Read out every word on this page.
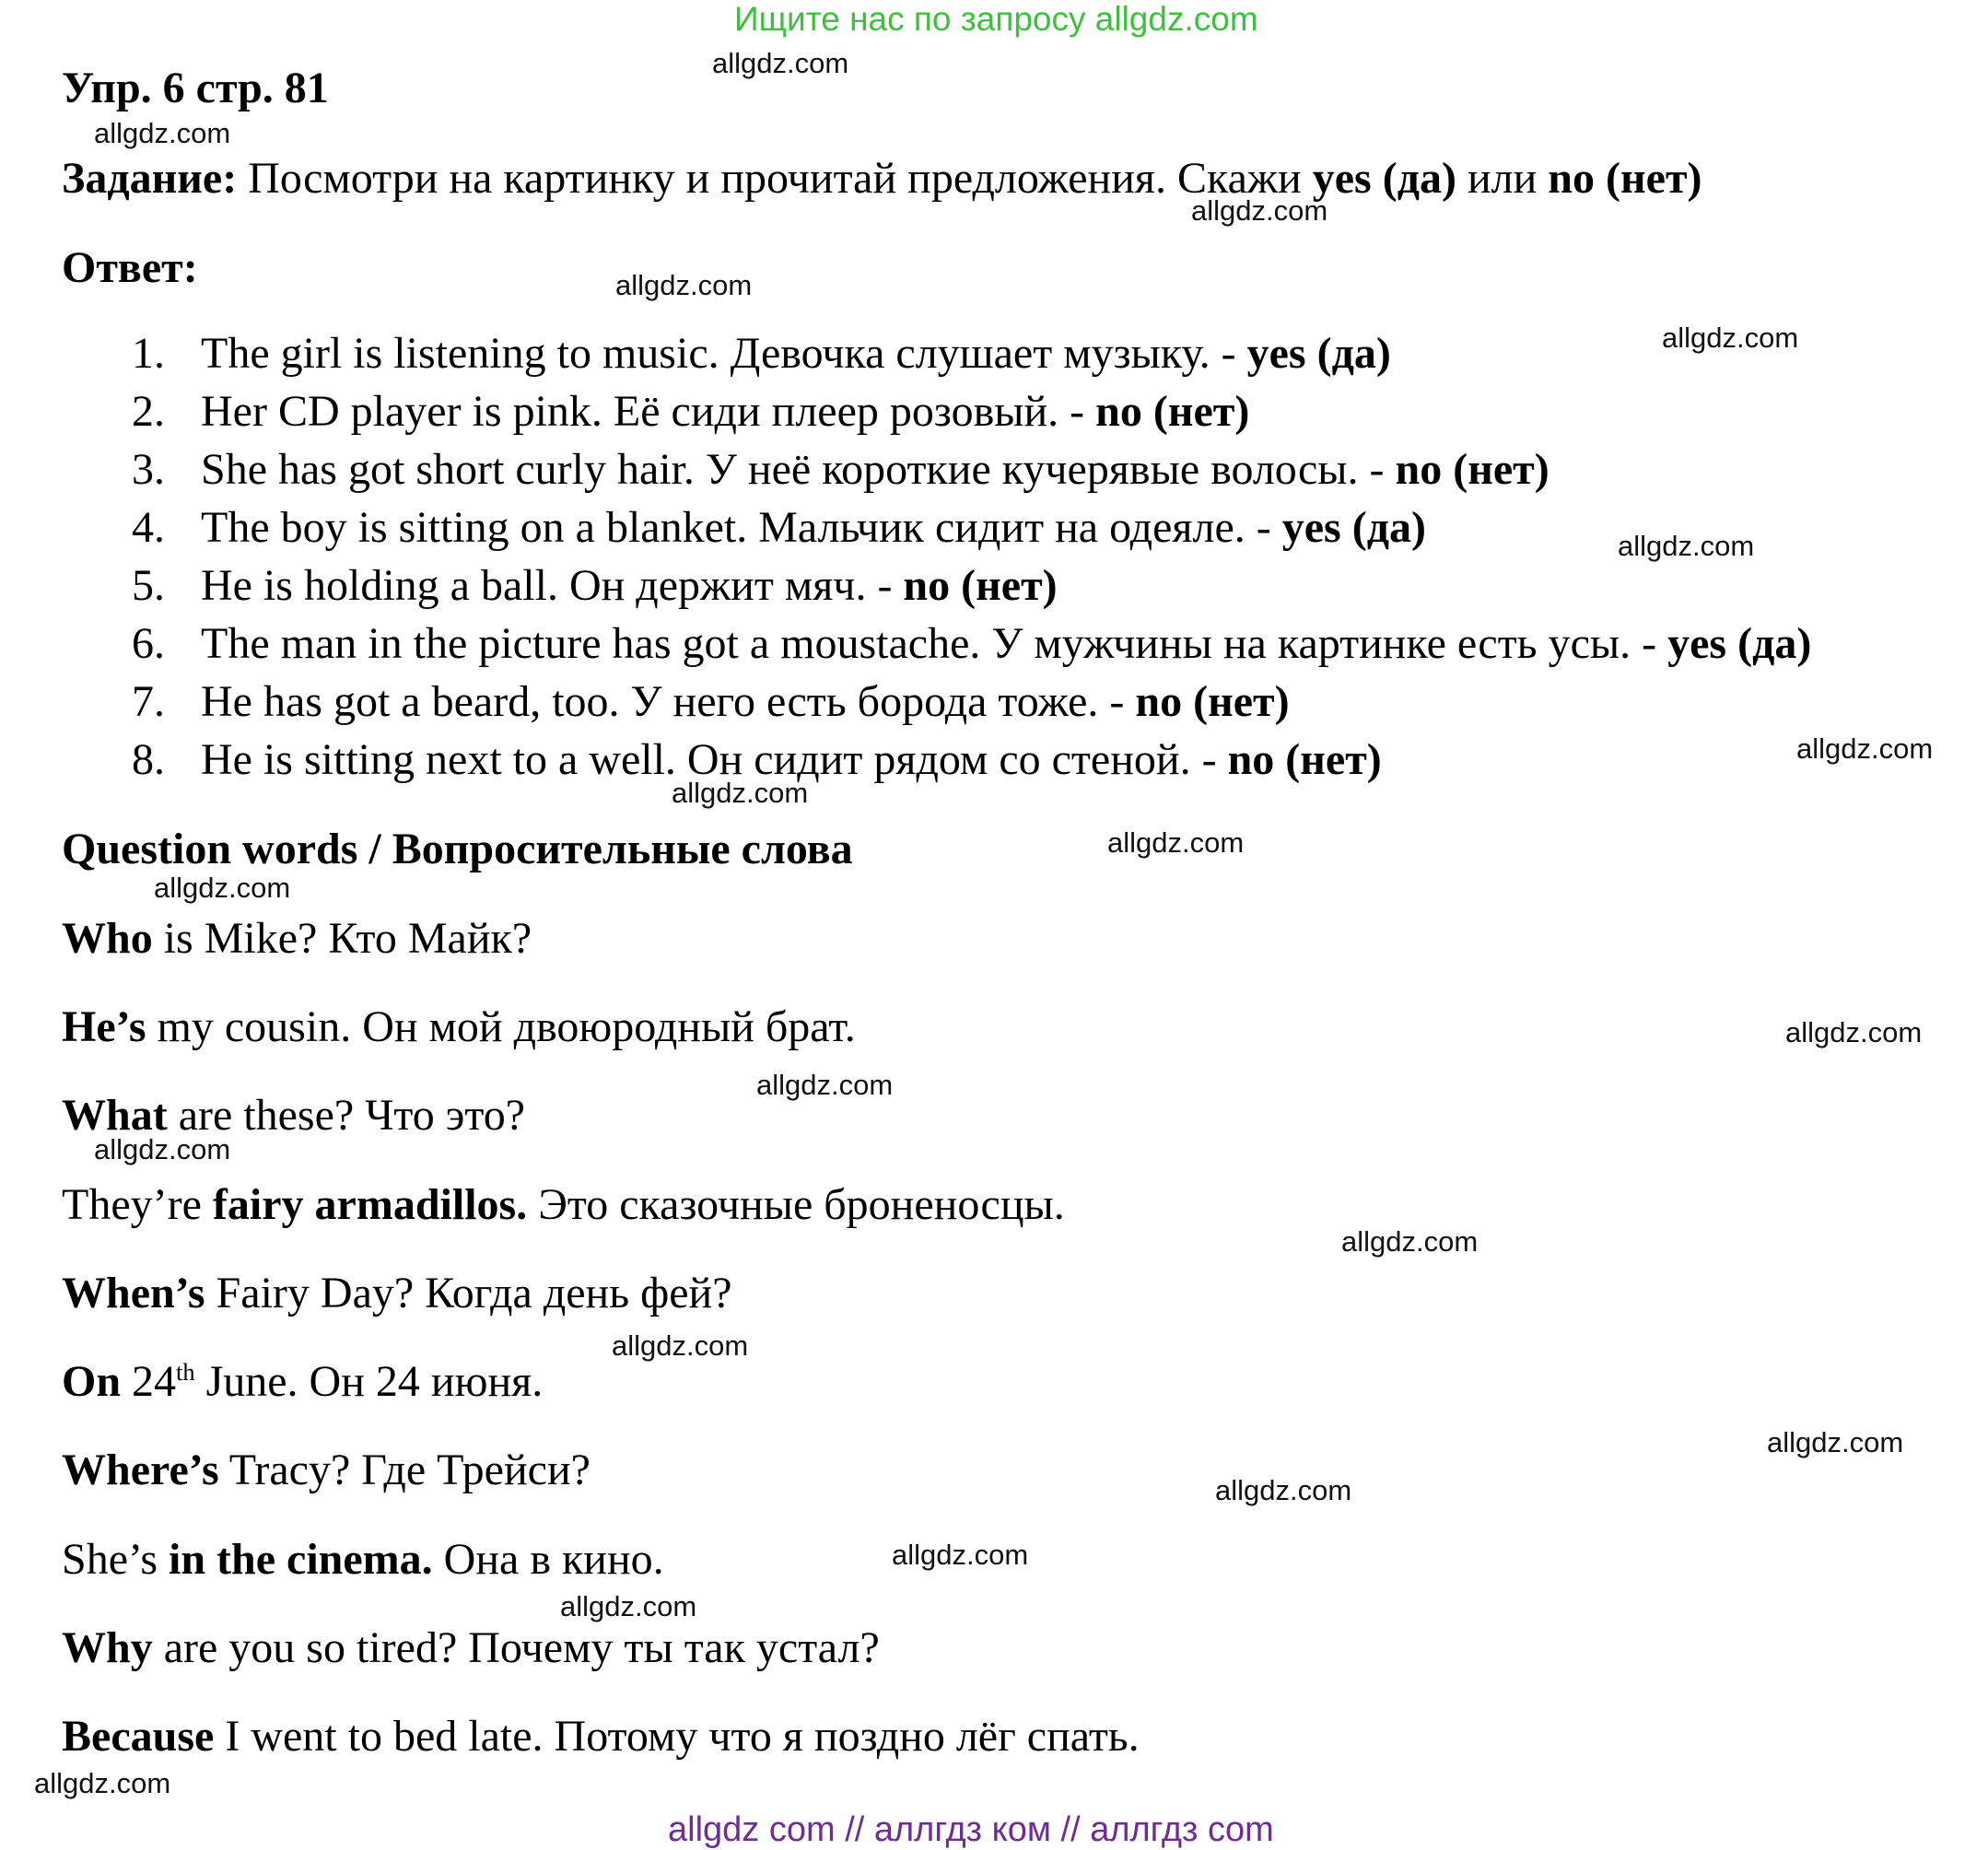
Ищите нас по запросу allgdz.com
Упр. 6 стр. 81
Задание: Посмотри на картинку и прочитай предложения. Скажи yes (да) или no (нет)
Ответ:
1. The girl is listening to music. Девочка слушает музыку. - yes (да)
2. Her CD player is pink. Её сиди плеер розовый. - no (нет)
3. She has got short curly hair. У неё короткие кучерявые волосы. - no (нет)
4. The boy is sitting on a blanket. Мальчик сидит на одеяле. - yes (да)
5. He is holding a ball. Он держит мяч. - no (нет)
6. The man in the picture has got a moustache. У мужчины на картинке есть усы. - yes (да)
7. He has got a beard, too. У него есть борода тоже. - no (нет)
8. He is sitting next to a well. Он сидит рядом со стеной. - no (нет)
Question words / Вопросительные слова
Who is Mike? Кто Майк?
He’s my cousin. Он мой двоюродный брат.
What are these? Что это?
They’re fairy armadillos. Это сказочные броненосцы.
When’s Fairy Day? Когда день фей?
On 24th June. Он 24 июня.
Where’s Tracy? Где Трейси?
She’s in the cinema. Она в кино.
Why are you so tired? Почему ты так устал?
Because I went to bed late. Потому что я поздно лёг спать.
allgdz.com
allgdz.com
allgdz.com
allgdz.com
allgdz.com
allgdz.com
allgdz.com
allgdz.com
allgdz.com
allgdz.com
allgdz.com
allgdz.com
allgdz.com
allgdz.com
allgdz.com
allgdz.com
allgdz.com
allgdz.com
allgdz.com
allgdz.com
allgdz com // аллгдз ком // аллгдз com
